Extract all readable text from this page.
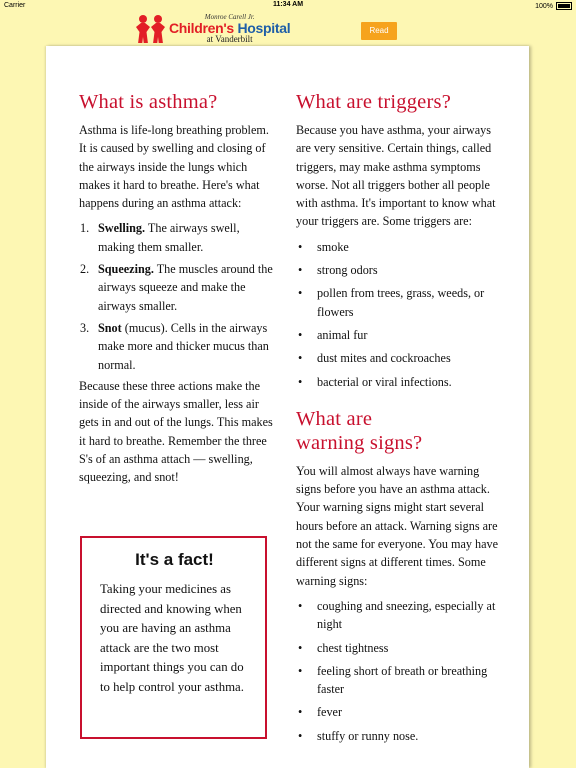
Carrier	11:34 AM	100%
Monroe Carell Jr.
Children's Hospital
at Vanderbilt
Read
What is asthma?

Asthma is life-long breathing problem. It is caused by swelling and closing of the airways inside the lungs which makes it hard to breathe. Here's what happens during an asthma attack:

1. Swelling. The airways swell, making them smaller.
2. Squeezing. The muscles around the airways squeeze and make the airways smaller.
3. Snot (mucus). Cells in the airways make more and thicker mucus than normal.

Because these three actions make the inside of the airways smaller, less air gets in and out of the lungs. This makes it hard to breathe. Remember the three S's of an asthma attach — swelling, squeezing, and snot!

It's a fact!
Taking your medicines as directed and knowing when you are having an asthma attack are the two most important things you can do to help control your asthma.
What are triggers?

Because you have asthma, your airways are very sensitive. Certain things, called triggers, may make asthma symptoms worse. Not all triggers bother all people with asthma. It's important to know what your triggers are. Some triggers are:

• smoke
• strong odors
• pollen from trees, grass, weeds, or flowers
• animal fur
• dust mites and cockroaches
• bacterial or viral infections.
What are
warning signs?

You will almost always have warning signs before you have an asthma attack. Your warning signs might start several hours before an attack. Warning signs are not the same for everyone. You may have different signs at different times. Some warning signs:

• coughing and sneezing, especially at night
• chest tightness
• feeling short of breath or breathing faster
• fever
• stuffy or runny nose.
